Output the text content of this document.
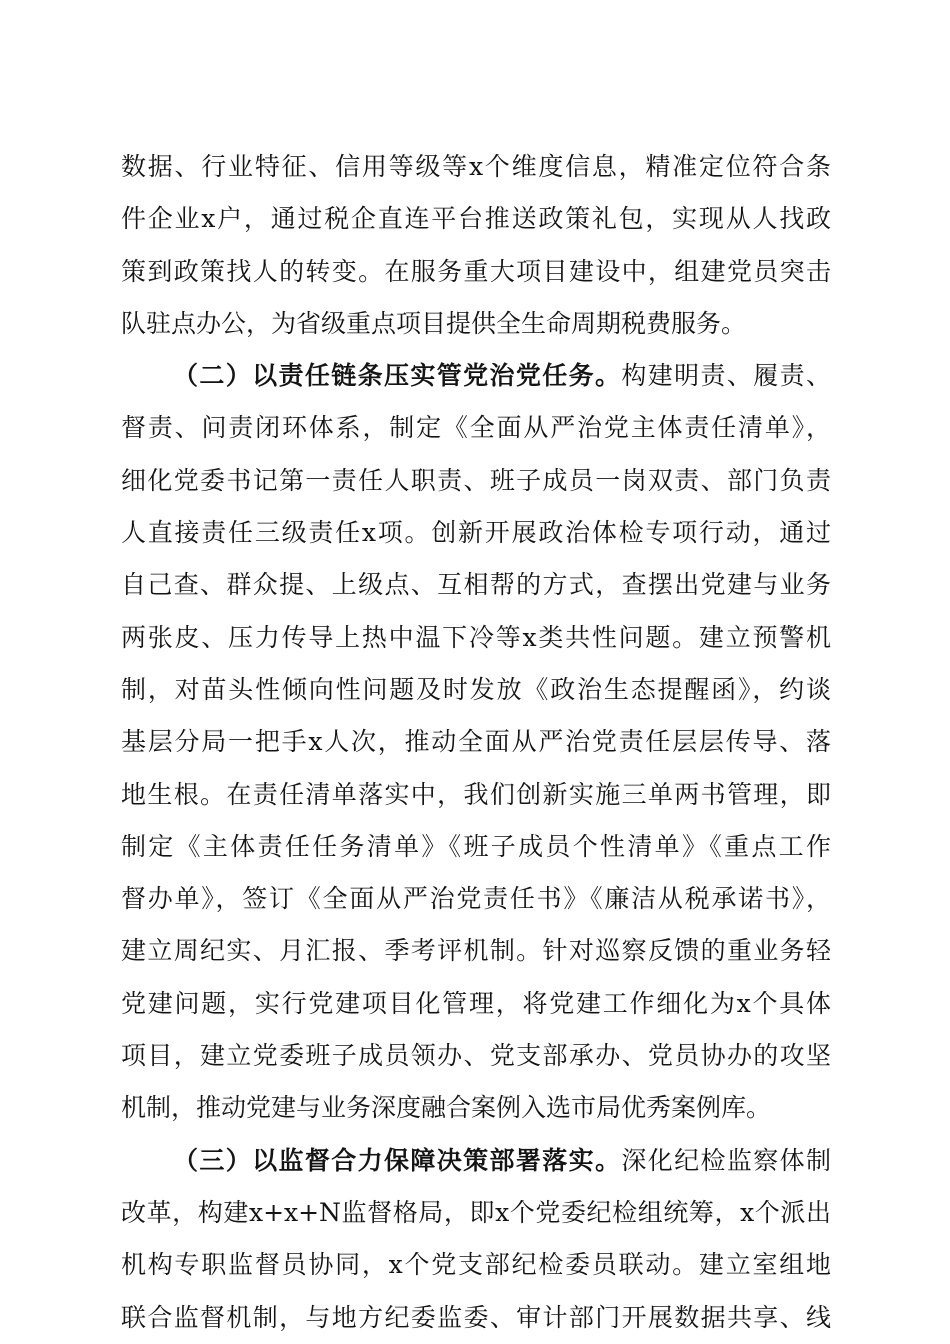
数据、行业特征、信用等级等x个维度信息，精准定位符合条
件企业x户，通过税企直连平台推送政策礼包，实现从人找政
策到政策找人的转变。在服务重大项目建设中，组建党员突击
队驻点办公，为省级重点项目提供全生命周期税费服务。
（二）以责任链条压实管党治党任务。构建明责、履责、
督责、问责闭环体系，制定《全面从严治党主体责任清单》，
细化党委书记第一责任人职责、班子成员一岗双责、部门负责
人直接责任三级责任x项。创新开展政治体检专项行动，通过
自己查、群众提、上级点、互相帮的方式，查摆出党建与业务
两张皮、压力传导上热中温下冷等x类共性问题。建立预警机
制，对苗头性倾向性问题及时发放《政治生态提醒函》，约谈
基层分局一把手x人次，推动全面从严治党责任层层传导、落
地生根。在责任清单落实中，我们创新实施三单两书管理，即
制定《主体责任任务清单》《班子成员个性清单》《重点工作
督办单》，签订《全面从严治党责任书》《廉洁从税承诺书》，
建立周纪实、月汇报、季考评机制。针对巡察反馈的重业务轻
党建问题，实行党建项目化管理，将党建工作细化为x个具体
项目，建立党委班子成员领办、党支部承办、党员协办的攻坚
机制，推动党建与业务深度融合案例入选市局优秀案例库。
（三）以监督合力保障决策部署落实。深化纪检监察体制
改革，构建x+x+N监督格局，即x个党委纪检组统筹，x个派出
机构专职监督员协同，x个党支部纪检委员联动。建立室组地
联合监督机制，与地方纪委监委、审计部门开展数据共享、线
